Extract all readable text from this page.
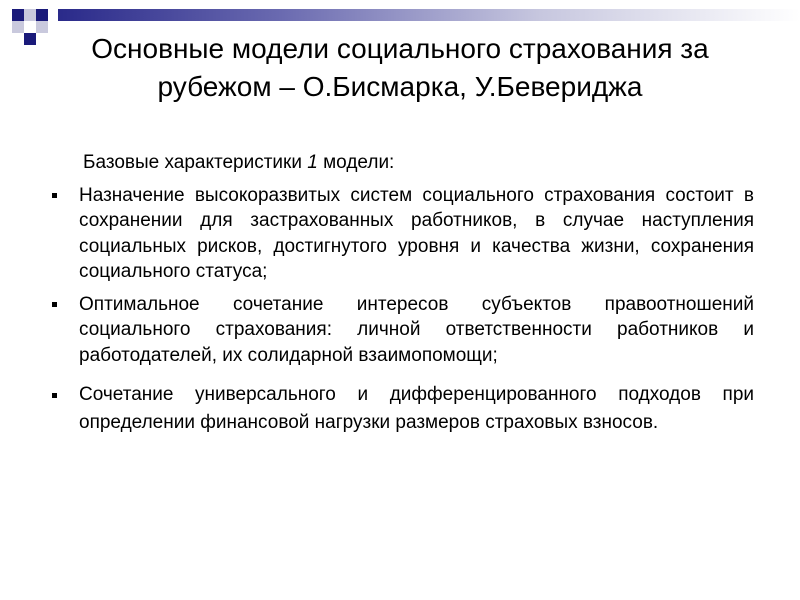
Основные модели социального страхования за рубежом – О.Бисмарка, У.Бевериджа

Базовые характеристики 1 модели:

Назначение высокоразвитых систем социального страхования состоит в сохранении для застрахованных работников, в случае наступления социальных рисков, достигнутого уровня и качества жизни, сохранения социального статуса;
Оптимальное сочетание интересов субъектов правоотношений социального страхования: личной ответственности работников и работодателей, их солидарной взаимопомощи;
Сочетание универсального и дифференцированного подходов при определении финансовой нагрузки размеров страховых взносов.
